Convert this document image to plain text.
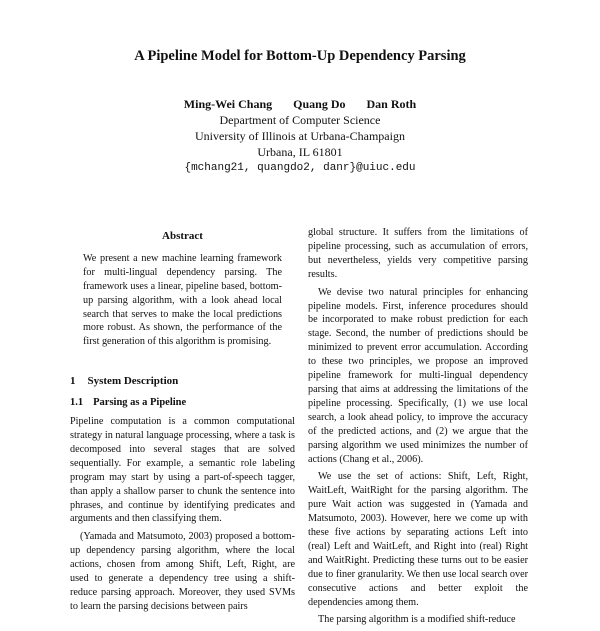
A Pipeline Model for Bottom-Up Dependency Parsing
Ming-Wei Chang Quang Do Dan Roth
Department of Computer Science
University of Illinois at Urbana-Champaign
Urbana, IL 61801
{mchang21, quangdo2, danr}@uiuc.edu
Abstract

We present a new machine learning framework for multi-lingual dependency parsing. The framework uses a linear, pipeline based, bottom-up parsing algorithm, with a look ahead local search that serves to make the local predictions more robust. As shown, the performance of the first generation of this algorithm is promising.

1 System Description
1.1 Parsing as a Pipeline

Pipeline computation is a common computational strategy in natural language processing, where a task is decomposed into several stages that are solved sequentially. For example, a semantic role labeling program may start by using a part-of-speech tagger, than apply a shallow parser to chunk the sentence into phrases, and continue by identifying predicates and arguments and then classifying them.

(Yamada and Matsumoto, 2003) proposed a bottom-up dependency parsing algorithm, where the local actions, chosen from among Shift, Left, Right, are used to generate a dependency tree using a shift-reduce parsing approach. Moreover, they used SVMs to learn the parsing decisions between pairs

global structure. It suffers from the limitations of pipeline processing, such as accumulation of errors, but nevertheless, yields very competitive parsing results.

We devise two natural principles for enhancing pipeline models. First, inference procedures should be incorporated to make robust prediction for each stage. Second, the number of predictions should be minimized to prevent error accumulation. According to these two principles, we propose an improved pipeline framework for multi-lingual dependency parsing that aims at addressing the limitations of the pipeline processing. Specifically, (1) we use local search, a look ahead policy, to improve the accuracy of the predicted actions, and (2) we argue that the parsing algorithm we used minimizes the number of actions (Chang et al., 2006).

We use the set of actions: Shift, Left, Right, WaitLeft, WaitRight for the parsing algorithm. The pure Wait action was suggested in (Yamada and Matsumoto, 2003). However, here we come up with these five actions by separating actions Left into (real) Left and WaitLeft, and Right into (real) Right and WaitRight. Predicting these turns out to be easier due to finer granularity. We then use local search over consecutive actions and better exploit the dependencies among them.

The parsing algorithm is a modified shift-reduce
